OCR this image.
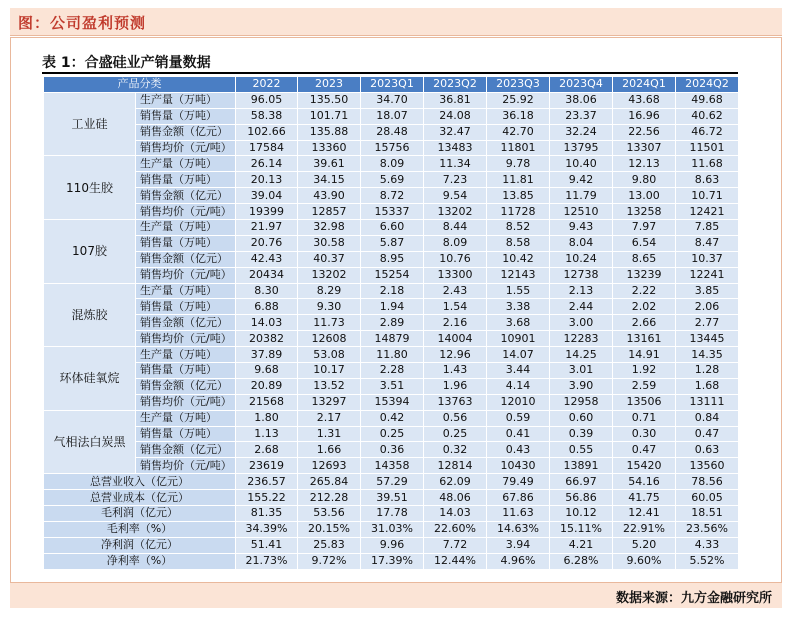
图：公司盈利预测
表 1：合盛硅业产销量数据
产品分类		2022	2023	2023Q1	2023Q2	2023Q3	2023Q4	2024Q1	2024Q2
工业硅	生产量（万吨）	96.05	135.50	34.70	36.81	25.92	38.06	43.68	49.68
	销售量（万吨）	58.38	101.71	18.07	24.08	36.18	23.37	16.96	40.62
	销售金额（亿元）	102.66	135.88	28.48	32.47	42.70	32.24	22.56	46.72
	销售均价（元/吨）	17584	13360	15756	13483	11801	13795	13307	11501
110生胶	生产量（万吨）	26.14	39.61	8.09	11.34	9.78	10.40	12.13	11.68
	销售量（万吨）	20.13	34.15	5.69	7.23	11.81	9.42	9.80	8.63
	销售金额（亿元）	39.04	43.90	8.72	9.54	13.85	11.79	13.00	10.71
	销售均价（元/吨）	19399	12857	15337	13202	11728	12510	13258	12421
107胶	生产量（万吨）	21.97	32.98	6.60	8.44	8.52	9.43	7.97	7.85
	销售量（万吨）	20.76	30.58	5.87	8.09	8.58	8.04	6.54	8.47
	销售金额（亿元）	42.43	40.37	8.95	10.76	10.42	10.24	8.65	10.37
	销售均价（元/吨）	20434	13202	15254	13300	12143	12738	13239	12241
混炼胶	生产量（万吨）	8.30	8.29	2.18	2.43	1.55	2.13	2.22	3.85
	销售量（万吨）	6.88	9.30	1.94	1.54	3.38	2.44	2.02	2.06
	销售金额（亿元）	14.03	11.73	2.89	2.16	3.68	3.00	2.66	2.77
	销售均价（元/吨）	20382	12608	14879	14004	10901	12283	13161	13445
环体硅氧烷	生产量（万吨）	37.89	53.08	11.80	12.96	14.07	14.25	14.91	14.35
	销售量（万吨）	9.68	10.17	2.28	1.43	3.44	3.01	1.92	1.28
	销售金额（亿元）	20.89	13.52	3.51	1.96	4.14	3.90	2.59	1.68
	销售均价（元/吨）	21568	13297	15394	13763	12010	12958	13506	13111
气相法白炭黑	生产量（万吨）	1.80	2.17	0.42	0.56	0.59	0.60	0.71	0.84
	销售量（万吨）	1.13	1.31	0.25	0.25	0.41	0.39	0.30	0.47
	销售金额（亿元）	2.68	1.66	0.36	0.32	0.43	0.55	0.47	0.63
	销售均价（元/吨）	23619	12693	14358	12814	10430	13891	15420	13560
总营业收入（亿元）		236.57	265.84	57.29	62.09	79.49	66.97	54.16	78.56
总营业成本（亿元）		155.22	212.28	39.51	48.06	67.86	56.86	41.75	60.05
毛利润（亿元）		81.35	53.56	17.78	14.03	11.63	10.12	12.41	18.51
毛利率（%）		34.39%	20.15%	31.03%	22.60%	14.63%	15.11%	22.91%	23.56%
净利润（亿元）		51.41	25.83	9.96	7.72	3.94	4.21	5.20	4.33
净利率（%）		21.73%	9.72%	17.39%	12.44%	4.96%	6.28%	9.60%	5.52%
数据来源：九方金融研究所
